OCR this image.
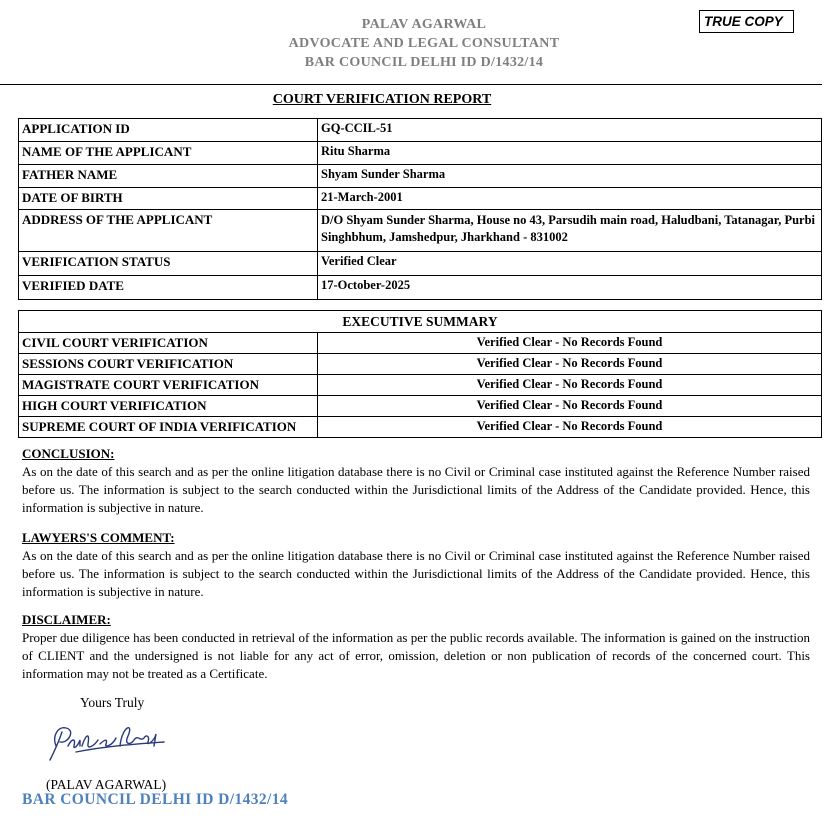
PALAV AGARWAL
ADVOCATE AND LEGAL CONSULTANT
BAR COUNCIL DELHI ID D/1432/14
TRUE COPY
COURT VERIFICATION REPORT
APPLICATION ID	GQ-CCIL-51
NAME OF THE APPLICANT	Ritu Sharma
FATHER NAME	Shyam Sunder Sharma
DATE OF BIRTH	21-March-2001
ADDRESS OF THE APPLICANT	D/O Shyam Sunder Sharma, House no 43, Parsudih main road, Haludbani, Tatanagar, Purbi Singhbhum, Jamshedpur, Jharkhand - 831002
VERIFICATION STATUS	Verified Clear
VERIFIED DATE	17-October-2025
EXECUTIVE SUMMARY	
CIVIL COURT VERIFICATION	Verified Clear - No Records Found
SESSIONS COURT VERIFICATION	Verified Clear - No Records Found
MAGISTRATE COURT VERIFICATION	Verified Clear - No Records Found
HIGH COURT VERIFICATION	Verified Clear - No Records Found
SUPREME COURT OF INDIA VERIFICATION	Verified Clear - No Records Found
CONCLUSION:

As on the date of this search and as per the online litigation database there is no Civil or Criminal case instituted against the Reference Number raised before us. The information is subject to the search conducted within the Jurisdictional limits of the Address of the Candidate provided. Hence, this information is subjective in nature.

LAWYERS'S COMMENT:

As on the date of this search and as per the online litigation database there is no Civil or Criminal case instituted against the Reference Number raised before us. The information is subject to the search conducted within the Jurisdictional limits of the Address of the Candidate provided. Hence, this information is subjective in nature.

DISCLAIMER:

Proper due diligence has been conducted in retrieval of the information as per the public records available. The information is gained on the instruction of CLIENT and the undersigned is not liable for any act of error, omission, deletion or non publication of records of the concerned court. This information may not be treated as a Certificate.

Yours Truly
(PALAV AGARWAL)
BAR COUNCIL DELHI ID D/1432/14
